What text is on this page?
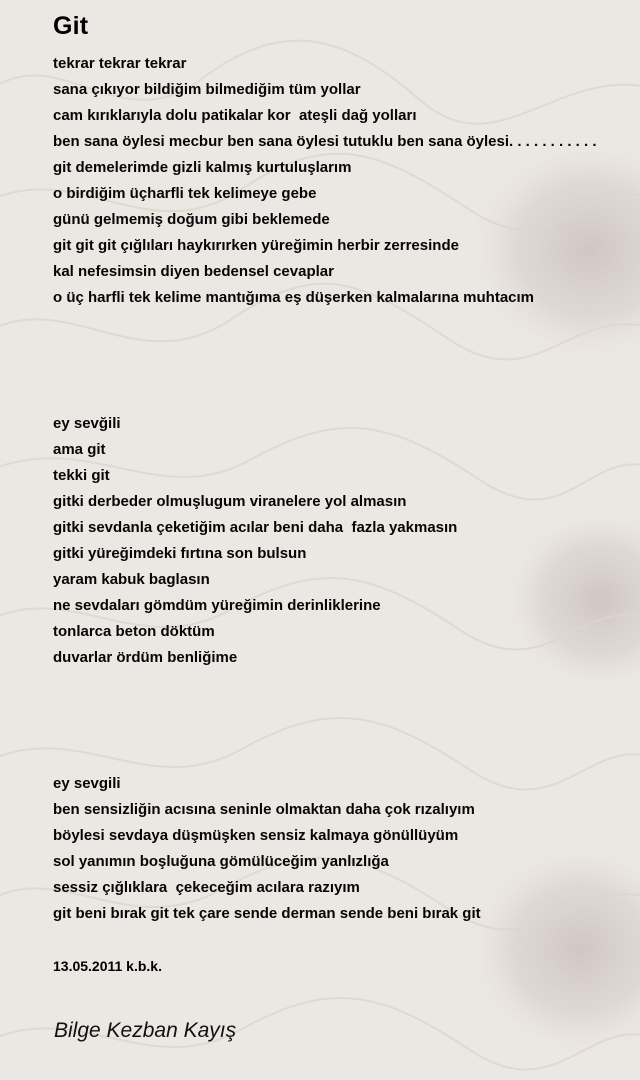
Git
tekrar tekrar tekrar
sana çıkıyor bildiğim bilmediğim tüm yollar
cam kırıklarıyla dolu patikalar kor  ateşli dağ yolları
ben sana öylesi mecbur ben sana öylesi tutuklu ben sana öylesi. . . . . . . . . . .
git demelerimde gizli kalmış kurtuluşlarım
o birdiğim üçharfli tek kelimeye gebe
günü gelmemiş doğum gibi beklemede
git git git çığlıları haykırırken yüreğimin herbir zerresinde
kal nefesimsin diyen bedensel cevaplar
o üç harfli tek kelime mantığıma eş düşerken kalmalarına muhtacım
ey sevğili
ama git
tekki git
gitki derbeder olmuşlugum viranelere yol almasın
gitki sevdanla çeketiğim acılar beni daha  fazla yakmasın
gitki yüreğimdeki fırtına son bulsun
yaram kabuk baglasın
ne sevdaları gömdüm yüreğimin derinliklerine
tonlarca beton döktüm
duvarlar ördüm benliğime
ey sevgili
ben sensizliğin acısına seninle olmaktan daha çok rızalıyım
böylesi sevdaya düşmüşken sensiz kalmaya gönüllüyüm
sol yanımın boşluğuna gömülüceğim yanlızlığa
sessiz çığlıklara  çekeceğim acılara razıyım
git beni bırak git tek çare sende derman sende beni bırak git

13.05.2011 k.b.k.

Bilge Kezban Kayış
